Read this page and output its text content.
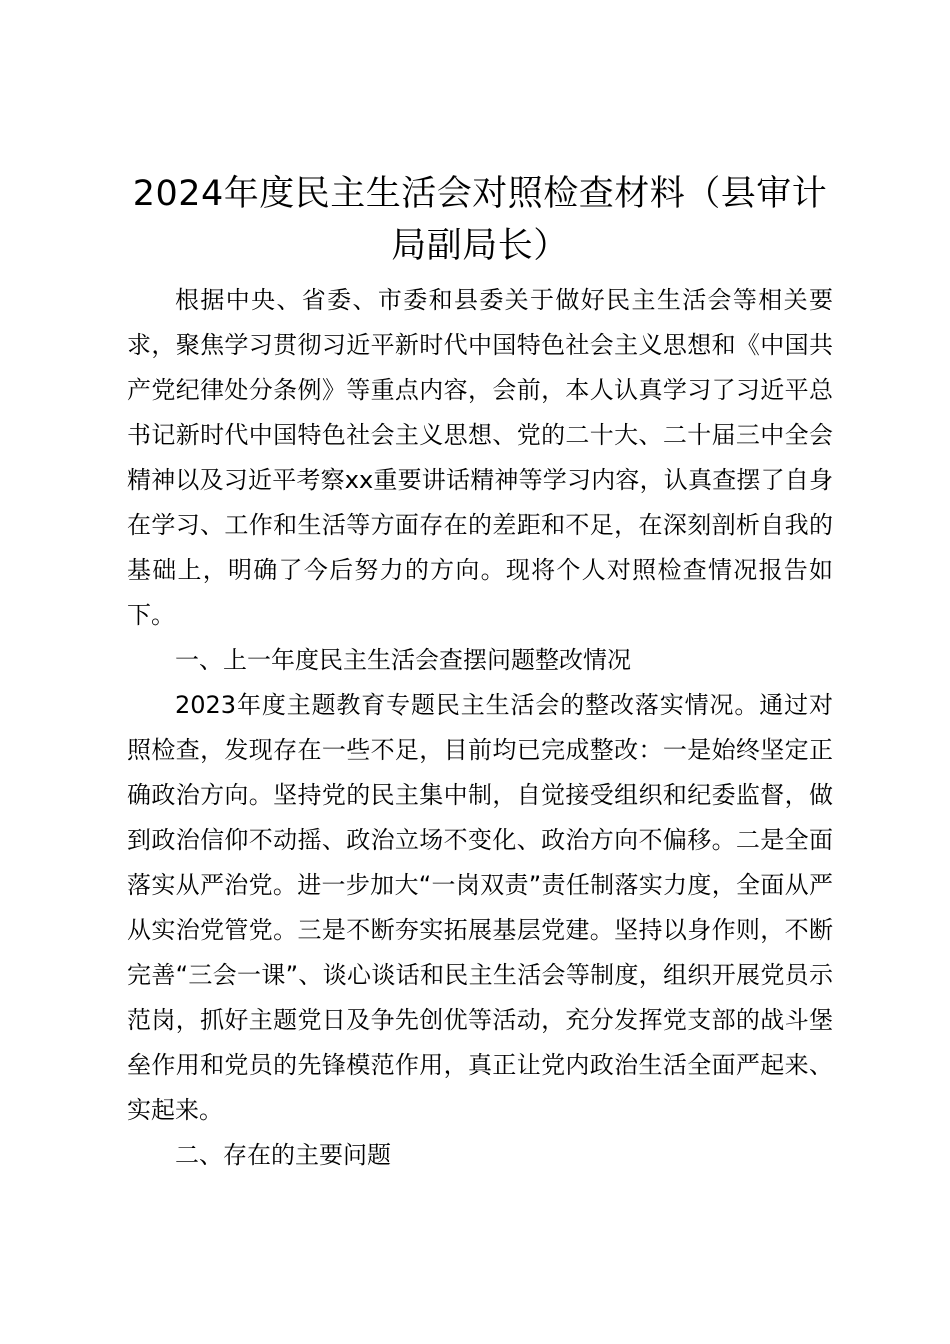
2024年度民主生活会对照检查材料（县审计局副局长）

根据中央、省委、市委和县委关于做好民主生活会等相关要求，聚焦学习贯彻习近平新时代中国特色社会主义思想和《中国共产党纪律处分条例》等重点内容，会前，本人认真学习了习近平总书记新时代中国特色社会主义思想、党的二十大、二十届三中全会精神以及习近平考察xx重要讲话精神等学习内容，认真查摆了自身在学习、工作和生活等方面存在的差距和不足，在深刻剖析自我的基础上，明确了今后努力的方向。现将个人对照检查情况报告如下。

一、上一年度民主生活会查摆问题整改情况

2023年度主题教育专题民主生活会的整改落实情况。通过对照检查，发现存在一些不足，目前均已完成整改：一是始终坚定正确政治方向。坚持党的民主集中制，自觉接受组织和纪委监督，做到政治信仰不动摇、政治立场不变化、政治方向不偏移。二是全面落实从严治党。进一步加大“一岗双责”责任制落实力度，全面从严从实治党管党。三是不断夯实拓展基层党建。坚持以身作则，不断完善“三会一课”、谈心谈话和民主生活会等制度，组织开展党员示范岗，抓好主题党日及争先创优等活动，充分发挥党支部的战斗堡垒作用和党员的先锋模范作用，真正让党内政治生活全面严起来、实起来。

二、存在的主要问题
